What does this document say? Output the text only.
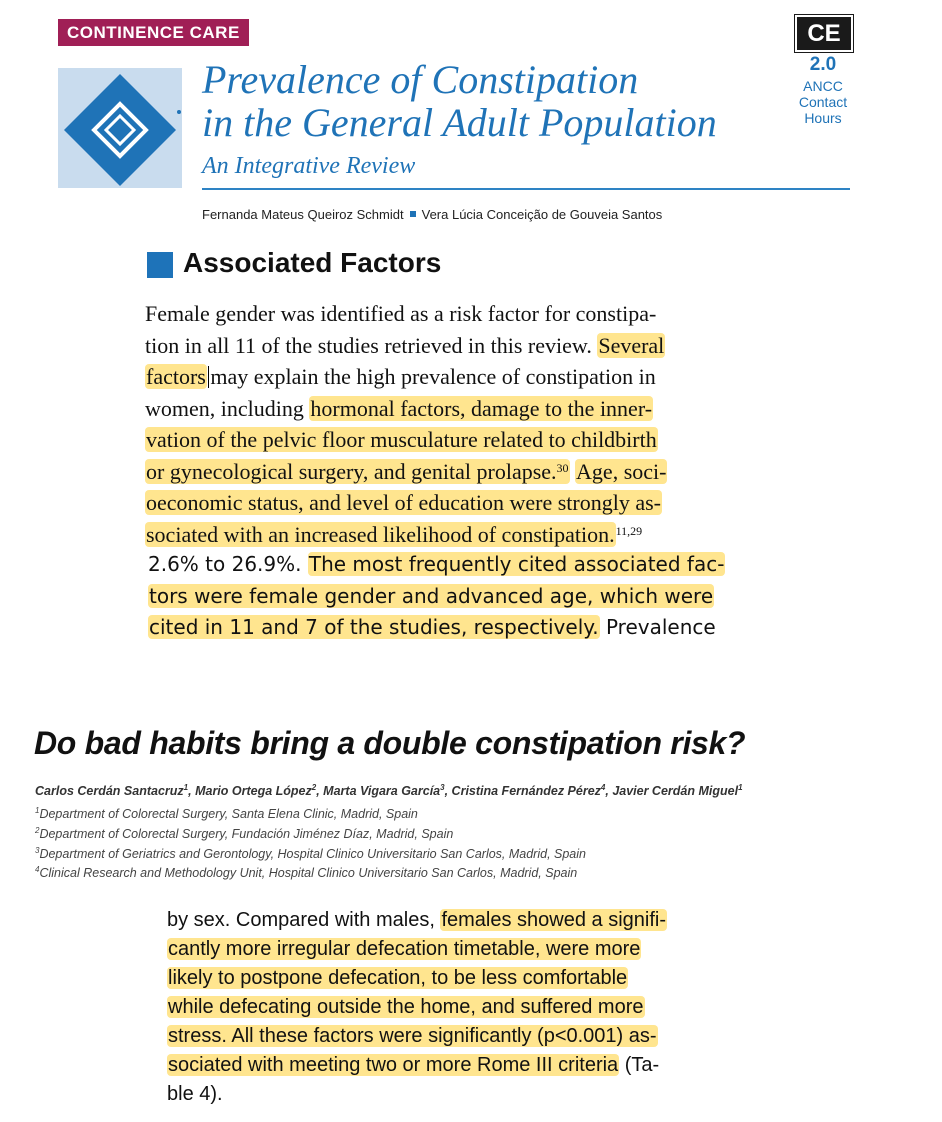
CONTINENCE CARE
Prevalence of Constipation
in the General Adult Population
An Integrative Review
Fernanda Mateus Queiroz Schmidt Vera Lúcia Conceição de Gouveia Santos
CE
2.0
ANCC
Contact
Hours
Associated Factors
Female gender was identified as a risk factor for constipa-
tion in all 11 of the studies retrieved in this review. Several
factors may explain the high prevalence of constipation in
women, including hormonal factors, damage to the inner-
vation of the pelvic floor musculature related to childbirth
or gynecological surgery, and genital prolapse.$^{30}$ Age, soci-
oeconomic status, and level of education were strongly as-
sociated with an increased likelihood of constipation.$^{11,29}$
2.6% to 26.9%. The most frequently cited associated fac-
tors were female gender and advanced age, which were
cited in 11 and 7 of the studies, respectively. Prevalence
Do bad habits bring a double constipation risk?
Carlos Cerdán Santacruz$^1$, Mario Ortega López$^2$, Marta Vigara García$^3$, Cristina Fernández Pérez$^4$, Javier Cerdán Miguel$^1$
$^1$Department of Colorectal Surgery, Santa Elena Clinic, Madrid, Spain
$^2$Department of Colorectal Surgery, Fundación Jiménez Díaz, Madrid, Spain
$^3$Department of Geriatrics and Gerontology, Hospital Clinico Universitario San Carlos, Madrid, Spain
$^4$Clinical Research and Methodology Unit, Hospital Clinico Universitario San Carlos, Madrid, Spain
by sex. Compared with males, females showed a signifi-
cantly more irregular defecation timetable, were more
likely to postpone defecation, to be less comfortable
while defecating outside the home, and suffered more
stress. All these factors were significantly (p<0.001) as-
sociated with meeting two or more Rome III criteria (Ta-
ble 4).
